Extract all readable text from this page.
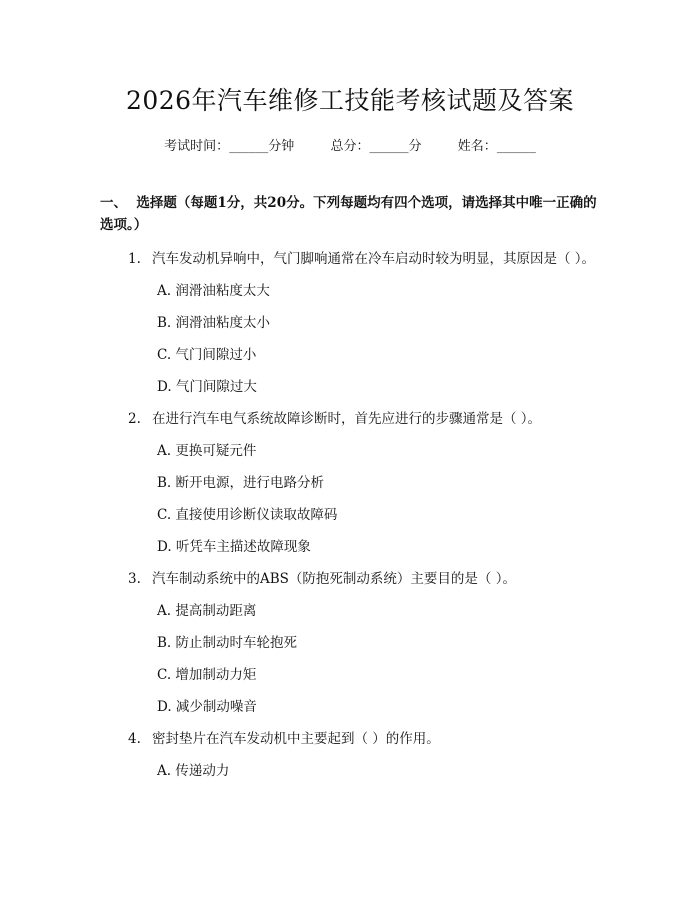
2026年汽车维修工技能考核试题及答案
考试时间：______分钟	总分：______分	姓名：______
一、 选择题（每题1分，共20分。下列每题均有四个选项，请选择其中唯一正确的选项。）
1. 汽车发动机异响中，气门脚响通常在冷车启动时较为明显，其原因是（ ）。
A. 润滑油粘度太大
B. 润滑油粘度太小
C. 气门间隙过小
D. 气门间隙过大
2. 在进行汽车电气系统故障诊断时，首先应进行的步骤通常是（ ）。
A. 更换可疑元件
B. 断开电源，进行电路分析
C. 直接使用诊断仪读取故障码
D. 听凭车主描述故障现象
3. 汽车制动系统中的ABS（防抱死制动系统）主要目的是（ ）。
A. 提高制动距离
B. 防止制动时车轮抱死
C. 增加制动力矩
D. 减少制动噪音
4. 密封垫片在汽车发动机中主要起到（ ）的作用。
A. 传递动力
